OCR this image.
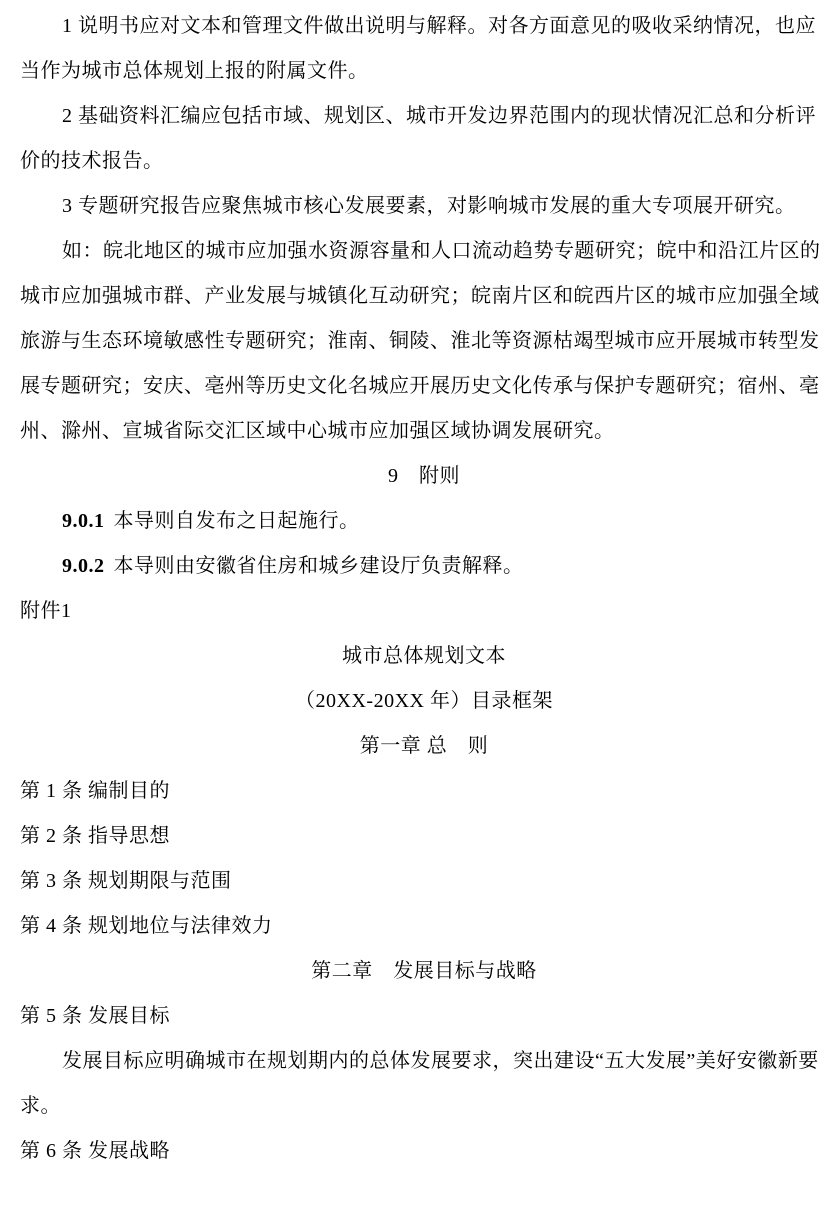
1 说明书应对文本和管理文件做出说明与解释。对各方面意见的吸收采纳情况，也应当作为城市总体规划上报的附属文件。

2 基础资料汇编应包括市域、规划区、城市开发边界范围内的现状情况汇总和分析评价的技术报告。

3 专题研究报告应聚焦城市核心发展要素，对影响城市发展的重大专项展开研究。

如：皖北地区的城市应加强水资源容量和人口流动趋势专题研究；皖中和沿江片区的城市应加强城市群、产业发展与城镇化互动研究；皖南片区和皖西片区的城市应加强全域旅游与生态环境敏感性专题研究；淮南、铜陵、淮北等资源枯竭型城市应开展城市转型发展专题研究；安庆、亳州等历史文化名城应开展历史文化传承与保护专题研究；宿州、亳州、滁州、宣城省际交汇区域中心城市应加强区域协调发展研究。

9　附则

9.0.1 本导则自发布之日起施行。

9.0.2 本导则由安徽省住房和城乡建设厅负责解释。

附件1

城市总体规划文本
（20XX-20XX 年）目录框架
第一章 总　则

第 1 条 编制目的

第 2 条 指导思想

第 3 条 规划期限与范围

第 4 条 规划地位与法律效力

第二章　发展目标与战略

第 5 条 发展目标

发展目标应明确城市在规划期内的总体发展要求，突出建设“五大发展”美好安徽新要求。

第 6 条 发展战略
